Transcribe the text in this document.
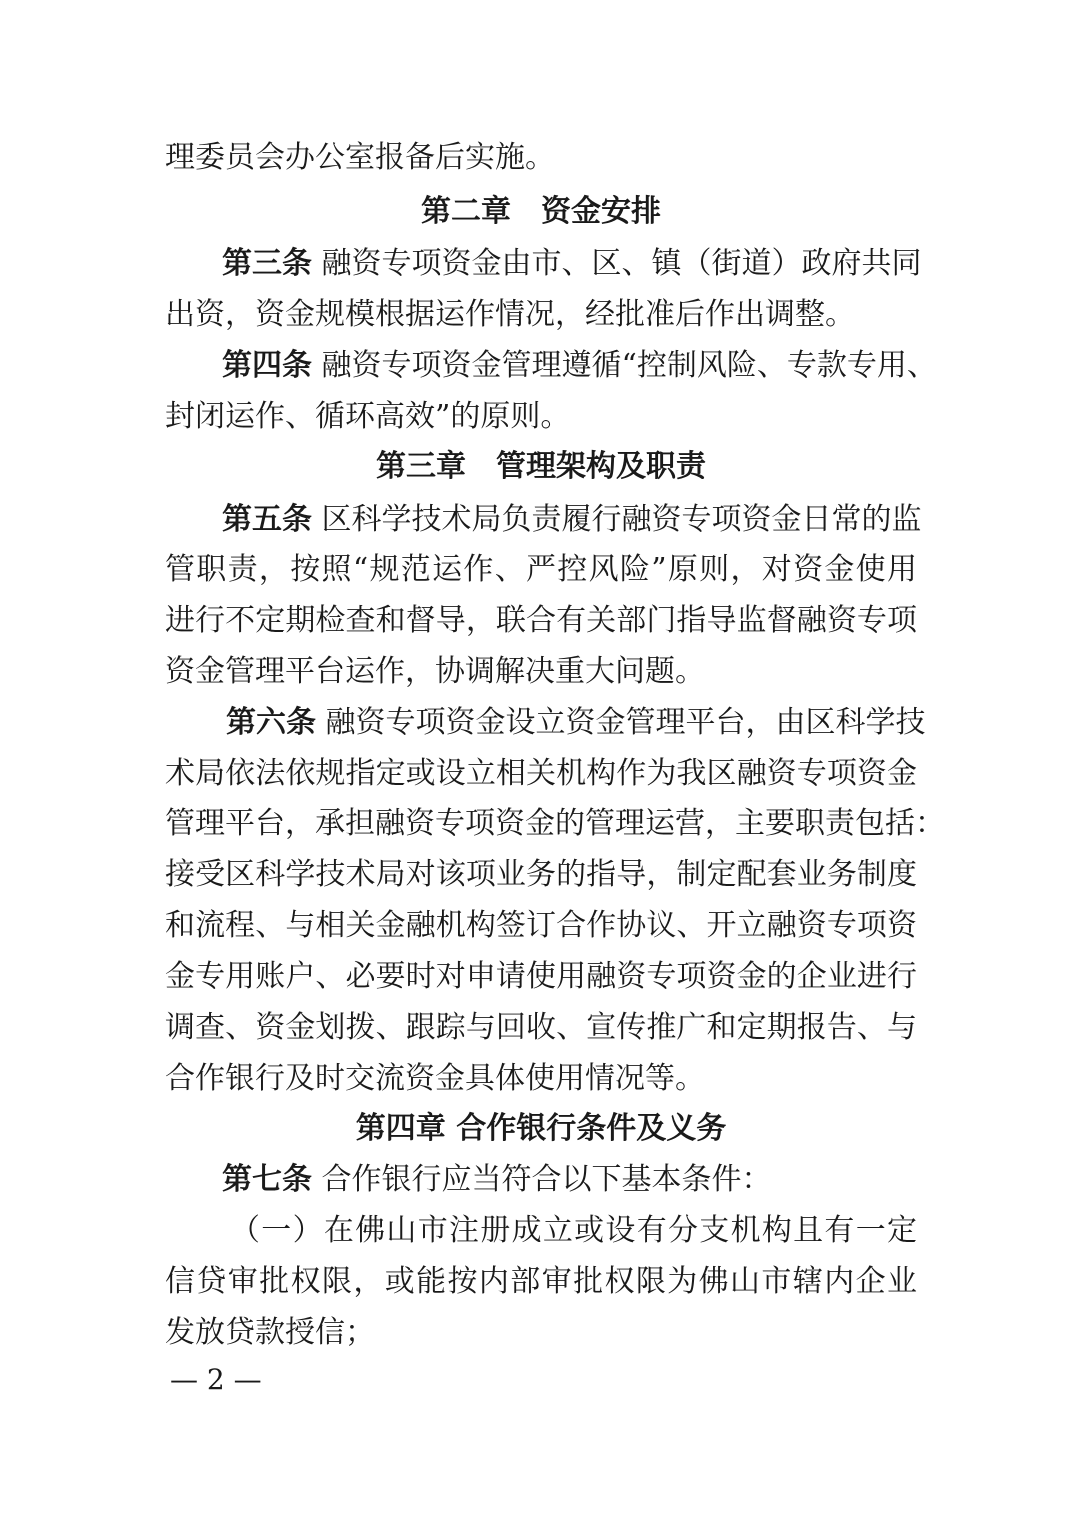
理委员会办公室报备后实施。
第二章　资金安排
第三条 融资专项资金由市、区、镇（街道）政府共同
出资，资金规模根据运作情况，经批准后作出调整。
第四条 融资专项资金管理遵循“控制风险、专款专用、
封闭运作、循环高效”的原则。
第三章　管理架构及职责
第五条 区科学技术局负责履行融资专项资金日常的监
管职责，按照“规范运作、严控风险”原则，对资金使用
进行不定期检查和督导，联合有关部门指导监督融资专项
资金管理平台运作，协调解决重大问题。
第六条 融资专项资金设立资金管理平台，由区科学技
术局依法依规指定或设立相关机构作为我区融资专项资金
管理平台，承担融资专项资金的管理运营，主要职责包括：
接受区科学技术局对该项业务的指导，制定配套业务制度
和流程、与相关金融机构签订合作协议、开立融资专项资
金专用账户、必要时对申请使用融资专项资金的企业进行
调查、资金划拨、跟踪与回收、宣传推广和定期报告、与
合作银行及时交流资金具体使用情况等。
第四章 合作银行条件及义务
第七条 合作银行应当符合以下基本条件：
（一）在佛山市注册成立或设有分支机构且有一定
信贷审批权限，或能按内部审批权限为佛山市辖内企业
发放贷款授信；
— 2 —
